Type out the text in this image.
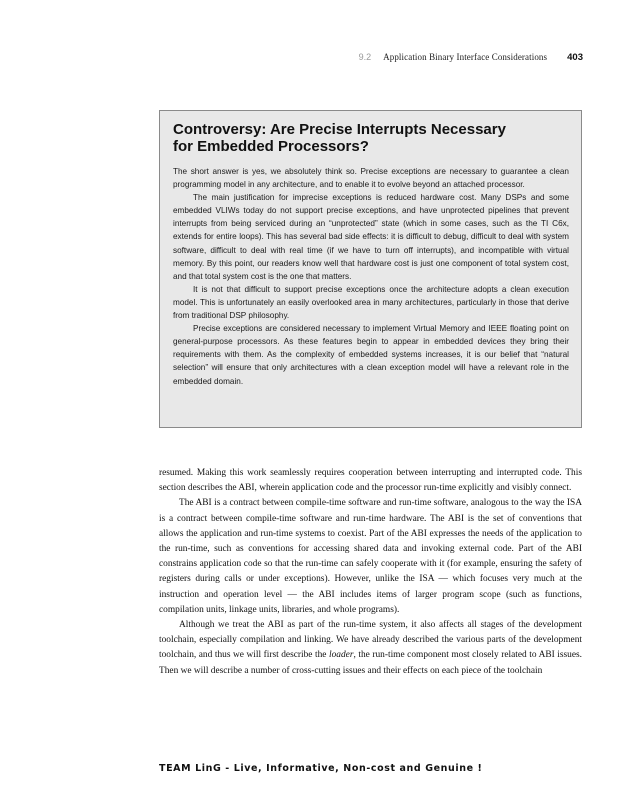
9.2 Application Binary Interface Considerations 403
Controversy: Are Precise Interrupts Necessary
for Embedded Processors?

The short answer is yes, we absolutely think so. Precise exceptions are necessary to guarantee a clean programming model in any architecture, and to enable it to evolve beyond an attached processor.

The main justification for imprecise exceptions is reduced hardware cost. Many DSPs and some embedded VLIWs today do not support precise exceptions, and have unprotected pipelines that prevent interrupts from being serviced during an “unprotected” state (which in some cases, such as the TI C6x, extends for entire loops). This has several bad side effects: it is difficult to debug, difficult to deal with system software, difficult to deal with real time (if we have to turn off interrupts), and incompatible with virtual memory. By this point, our readers know well that hardware cost is just one component of total system cost, and that total system cost is the one that matters.

It is not that difficult to support precise exceptions once the architecture adopts a clean execution model. This is unfortunately an easily overlooked area in many architectures, particularly in those that derive from traditional DSP philosophy.

Precise exceptions are considered necessary to implement Virtual Memory and IEEE floating point on general-purpose processors. As these features begin to appear in embedded devices they bring their requirements with them. As the complexity of embedded systems increases, it is our belief that “natural selection” will ensure that only architectures with a clean exception model will have a relevant role in the embedded domain.

resumed. Making this work seamlessly requires cooperation between interrupting and interrupted code. This section describes the ABI, wherein application code and the processor run-time explicitly and visibly connect.

The ABI is a contract between compile-time software and run-time software, analogous to the way the ISA is a contract between compile-time software and run-time hardware. The ABI is the set of conventions that allows the application and run-time systems to coexist. Part of the ABI expresses the needs of the application to the run-time, such as conventions for accessing shared data and invoking external code. Part of the ABI constrains application code so that the run-time can safely cooperate with it (for example, ensuring the safety of registers during calls or under exceptions). However, unlike the ISA — which focuses very much at the instruction and operation level — the ABI includes items of larger program scope (such as functions, compilation units, linkage units, libraries, and whole programs).

Although we treat the ABI as part of the run-time system, it also affects all stages of the development toolchain, especially compilation and linking. We have already described the various parts of the development toolchain, and thus we will first describe the loader, the run-time component most closely related to ABI issues. Then we will describe a number of cross-cutting issues and their effects on each piece of the toolchain

TEAM LinG - Live, Informative, Non-cost and Genuine !
